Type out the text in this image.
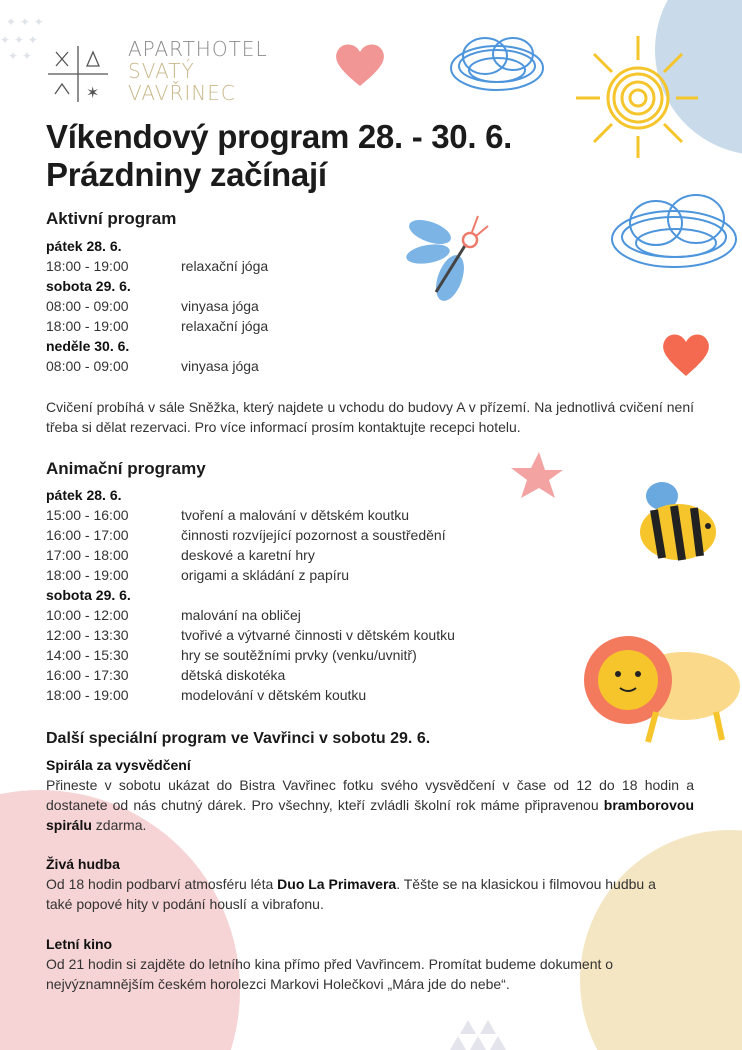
✦ ✦ ✦
✦ ✦ ✦
✦ ✦
✶
APARTHOTEL
SVATÝ
VAVŘINEC
Víkendový program 28. - 30. 6.
Prázdniny začínají
Aktivní program
pátek 28. 6.
18:00 - 19:00	relaxační jóga
sobota 29. 6.
08:00 - 09:00	vinyasa jóga
18:00 - 19:00	relaxační jóga
neděle 30. 6.
08:00 - 09:00	vinyasa jóga
Cvičení probíhá v sále Sněžka, který najdete u vchodu do budovy A v přízemí. Na jednotlivá cvičení není třeba si dělat rezervaci. Pro více informací prosím kontaktujte recepci hotelu.
Animační programy
pátek 28. 6.
15:00 - 16:00	tvoření a malování v dětském koutku
16:00 - 17:00	činnosti rozvíjející pozornost a soustředění
17:00 - 18:00	deskové a karetní hry
18:00 - 19:00	origami a skládání z papíru
sobota 29. 6.
10:00 - 12:00	malování na obličej
12:00 - 13:30	tvořivé a výtvarné činnosti v dětském koutku
14:00 - 15:30	hry se soutěžními prvky (venku/uvnitř)
16:00 - 17:30	dětská diskotéka
18:00 - 19:00	modelování v dětském koutku
Další speciální program ve Vavřinci v sobotu 29. 6.
Spirála za vysvědčení
Přineste v sobotu ukázat do Bistra Vavřinec fotku svého vysvědčení v čase od 12 do 18 hodin a dostanete od nás chutný dárek. Pro všechny, kteří zvládli školní rok máme připravenou bramborovou spirálu zdarma.
Živá hudba
Od 18 hodin podbarví atmosféru léta Duo La Primavera. Těšte se na klasickou i filmovou hudbu a také popové hity v podání houslí a vibrafonu.
Letní kino
Od 21 hodin si zajděte do letního kina přímo před Vavřincem. Promítat budeme dokument o nejvýznamnějším českém horolezci Markovi Holečkovi „Mára jde do nebe“.
